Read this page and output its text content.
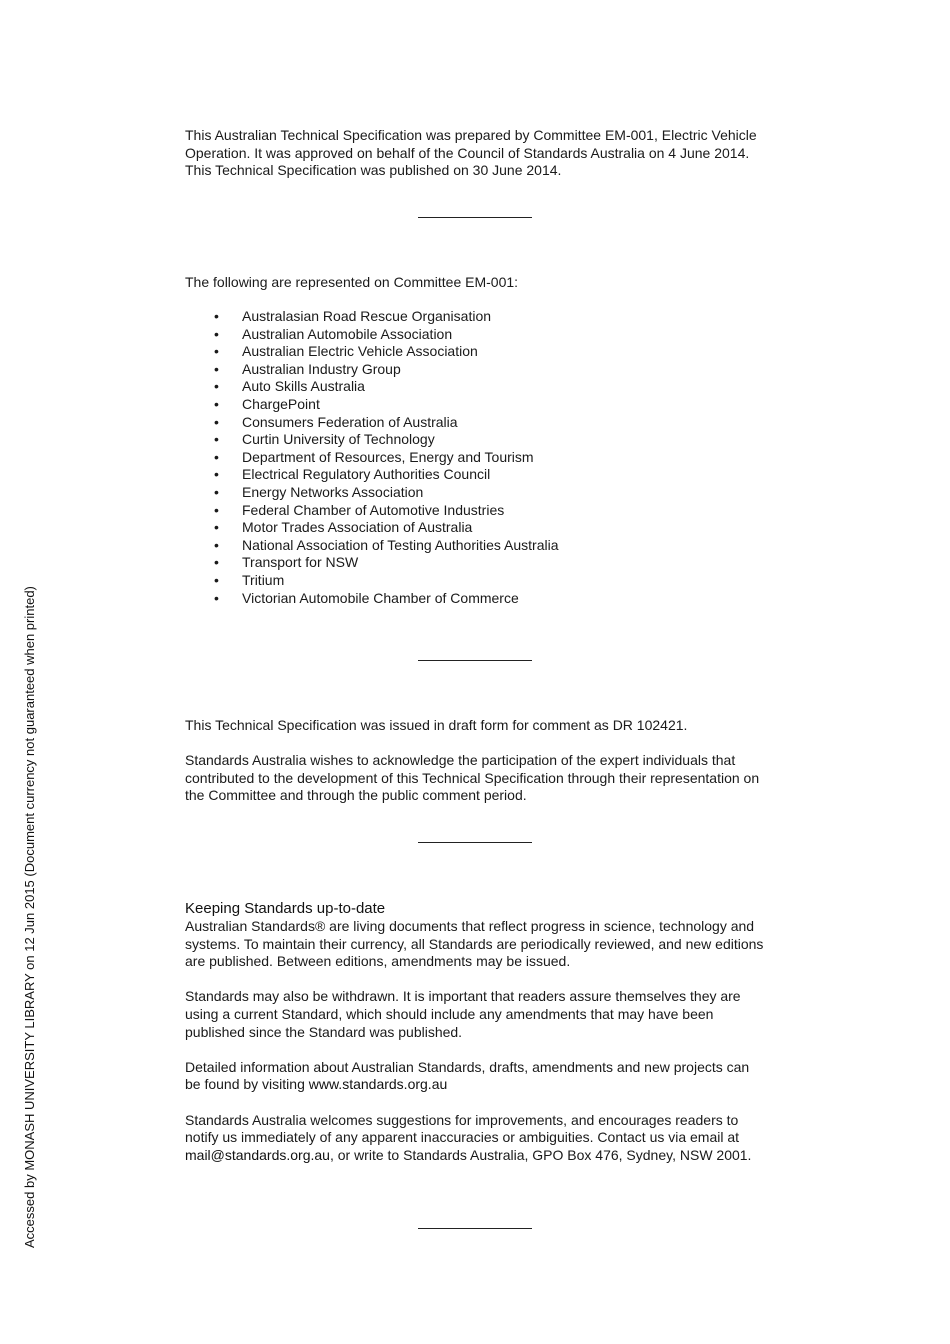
This Australian Technical Specification was prepared by Committee EM-001, Electric Vehicle

Operation. It was approved on behalf of the Council of Standards Australia on 4 June 2014.

This Technical Specification was published on 30 June 2014.

The following are represented on Committee EM-001:

• Australasian Road Rescue Organisation
• Australian Automobile Association
• Australian Electric Vehicle Association
• Australian Industry Group
• Auto Skills Australia
• ChargePoint
• Consumers Federation of Australia
• Curtin University of Technology
• Department of Resources, Energy and Tourism
• Electrical Regulatory Authorities Council
• Energy Networks Association
• Federal Chamber of Automotive Industries
• Motor Trades Association of Australia
• National Association of Testing Authorities Australia
• Transport for NSW
• Tritium
• Victorian Automobile Chamber of Commerce

This Technical Specification was issued in draft form for comment as DR 102421.

Standards Australia wishes to acknowledge the participation of the expert individuals that

contributed to the development of this Technical Specification through their representation on

the Committee and through the public comment period.

Keeping Standards up-to-date

Australian Standards® are living documents that reflect progress in science, technology and

systems. To maintain their currency, all Standards are periodically reviewed, and new editions

are published. Between editions, amendments may be issued.

Standards may also be withdrawn. It is important that readers assure themselves they are

using a current Standard, which should include any amendments that may have been

published since the Standard was published.

Detailed information about Australian Standards, drafts, amendments and new projects can

be found by visiting www.standards.org.au

Standards Australia welcomes suggestions for improvements, and encourages readers to

notify us immediately of any apparent inaccuracies or ambiguities. Contact us via email at

mail@standards.org.au, or write to Standards Australia, GPO Box 476, Sydney, NSW 2001.

Accessed by MONASH UNIVERSITY LIBRARY on 12 Jun 2015 (Document currency not guaranteed when printed)
